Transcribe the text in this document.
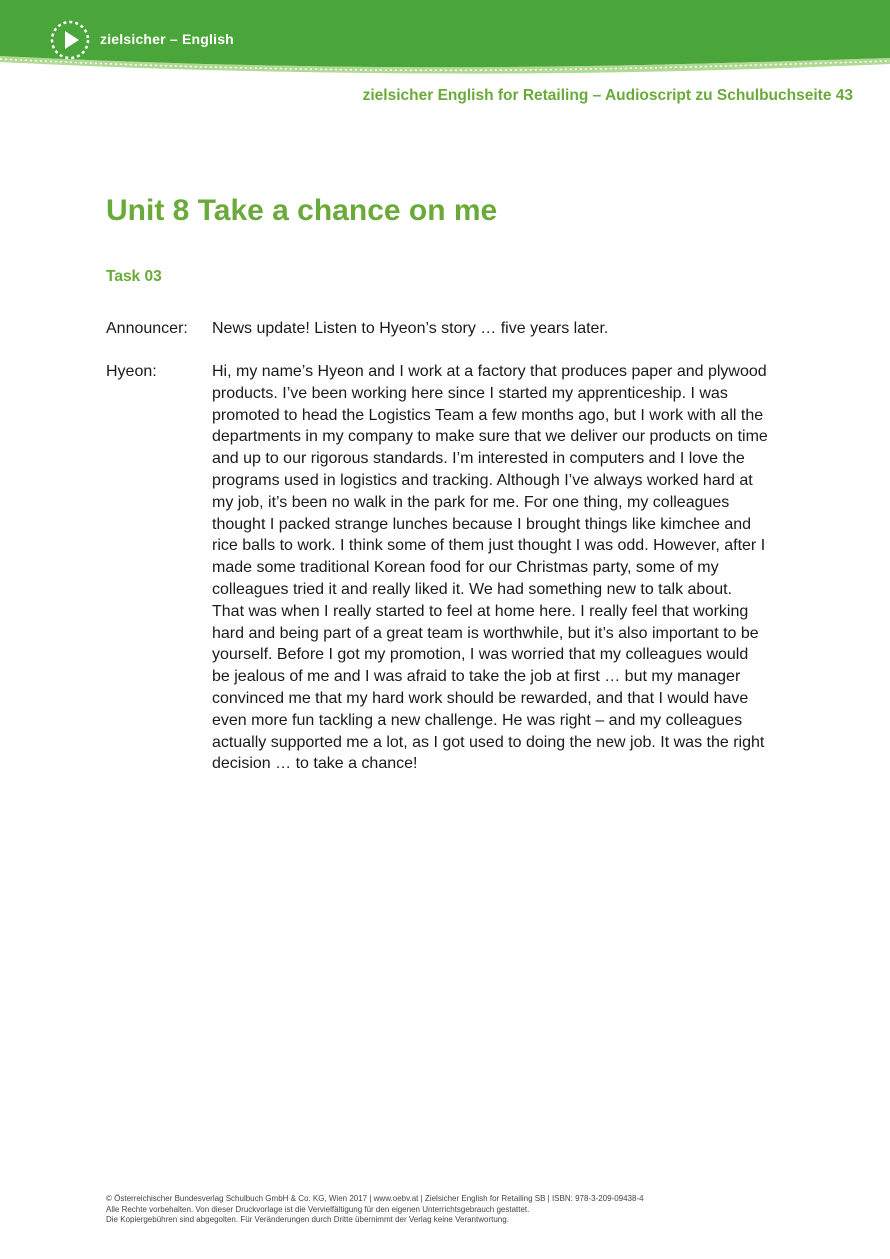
zielsicher – English
zielsicher English for Retailing – Audioscript zu Schulbuchseite 43
Unit 8 Take a chance on me
Task 03
Announcer:	News update! Listen to Hyeon’s story … five years later.
Hyeon:	Hi, my name’s Hyeon and I work at a factory that produces paper and plywood
products. I’ve been working here since I started my apprenticeship. I was
promoted to head the Logistics Team a few months ago, but I work with all the
departments in my company to make sure that we deliver our products on time
and up to our rigorous standards. I’m interested in computers and I love the
programs used in logistics and tracking. Although I’ve always worked hard at
my job, it’s been no walk in the park for me. For one thing, my colleagues
thought I packed strange lunches because I brought things like kimchee and
rice balls to work. I think some of them just thought I was odd. However, after I
made some traditional Korean food for our Christmas party, some of my
colleagues tried it and really liked it. We had something new to talk about.
That was when I really started to feel at home here. I really feel that working
hard and being part of a great team is worthwhile, but it’s also important to be
yourself. Before I got my promotion, I was worried that my colleagues would
be jealous of me and I was afraid to take the job at first … but my manager
convinced me that my hard work should be rewarded, and that I would have
even more fun tackling a new challenge. He was right – and my colleagues
actually supported me a lot, as I got used to doing the new job. It was the right
decision … to take a chance!
© Österreichischer Bundesverlag Schulbuch GmbH & Co. KG, Wien 2017 | www.oebv.at | Zielsicher English for Retailing SB | ISBN: 978-3-209-09438-4
Alle Rechte vorbehalten. Von dieser Druckvorlage ist die Vervielfältigung für den eigenen Unterrichtsgebrauch gestattet.
Die Kopiergebühren sind abgegolten. Für Veränderungen durch Dritte übernimmt der Verlag keine Verantwortung.
